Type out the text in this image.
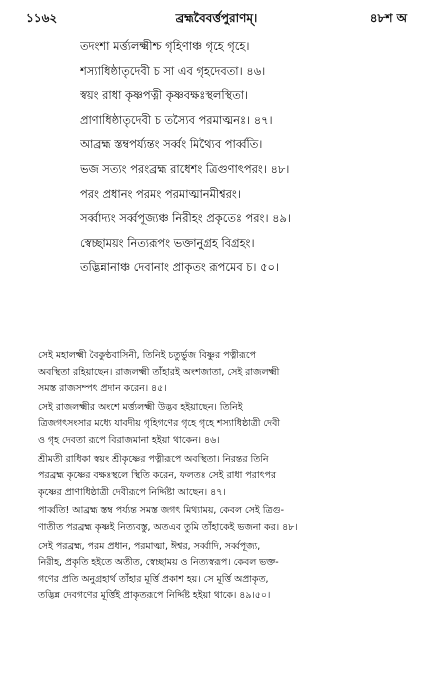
১১৬২	ব্রহ্মবৈবর্ত্তপুরাণম্।	৪৮শ অ
তদংশা মর্ত্ত্যলক্ষ্মীশ্চ গৃহিণাঞ্চ গৃহে গৃহে।
শস্যাধিষ্ঠাতৃদেবী চ সা এব গৃহদেবতা। ৪৬।
স্বয়ং রাধা কৃষ্ণপত্নী কৃষ্ণবক্ষঃস্থলস্থিতা।
প্রাণাধিষ্ঠাতৃদেবী চ তস্যৈব পরমাত্মনঃ। ৪৭।
আব্রহ্ম স্তম্বপর্য্যন্তং সর্ব্বং মিথ্যৈব পার্ব্বতি।
ভজ সত্যং পরংব্রহ্ম রাধেশং ত্রিগুণাৎপরং। ৪৮।
পরং প্রধানং পরমং পরমাত্মানমীশ্বরং।
সর্ব্বাদ্যং সর্ব্বপূজ্যঞ্চ নিরীহং প্রকৃতেঃ পরং। ৪৯।
স্বেচ্ছাময়ং নিত্যরূপং ভক্তানুগ্রহ বিগ্রহং।
তদ্ভিন্নানাঞ্চ দেবানাং প্রাকৃতং রূপমেব চ। ৫০।

সেই মহালক্ষ্মী বৈকুণ্ঠবাসিনী, তিনিই চতুর্ভুজ বিষ্ণুর পত্নীরূপে
অবস্থিতা রহিয়াছেন। রাজলক্ষ্মী তাঁহারই অংশজাতা, সেই রাজলক্ষ্মী
সমস্ত রাজসম্পৎ প্রদান করেন। ৪৫।

সেই রাজলক্ষ্মীর অংশে মর্ত্ত্যলক্ষ্মী উদ্ভব হইয়াছেন। তিনিই
ত্রিজগৎসংসার মধ্যে যাবদীয় গৃহিগণের গৃহে গৃহে শস্যাধিষ্ঠাত্রী দেবী
ও গৃহ দেবতা রূপে বিরাজমানা হইয়া থাকেন। ৪৬।

শ্রীমতী রাধিকা স্বয়ং শ্রীকৃষ্ণের পত্নীরূপে অবস্থিতা। নিরন্তর তিনি
পরব্রহ্ম কৃষ্ণের বক্ষঃস্থলে স্থিতি করেন, ফলতঃ সেই রাধা পরাৎপর
কৃষ্ণের প্রাণাধিষ্ঠাত্রী দেবীরূপে নির্দ্দিষ্টা আছেন। ৪৭।

পার্ব্বতি! আব্রহ্ম স্তম্ব পর্য্যন্ত সমস্ত জগৎ মিথ্যাময়, কেবল সেই ত্রিগু-
ণাতীত পরব্রহ্ম কৃষ্ণই নিত্যবস্তু, অতএব তুমি তাঁহাকেই ভজনা কর। ৪৮।

সেই পরব্রহ্ম, পরম প্রধান, পরমাত্মা, ঈশ্বর, সর্ব্বাদি, সর্ব্বপূজ্য,
নিরীহ, প্রকৃতি হইতে অতীত, স্বেচ্ছাময় ও নিত্যস্বরূপ। কেবল ভক্ত-
গণের প্রতি অনুগ্রহার্থ তাঁহার মূর্ত্তি প্রকাশ হয়। সে মূর্ত্তি অপ্রাকৃত,
তদ্ভিন্ন দেবগণের মূর্ত্তিই প্রাকৃতরূপে নির্দ্দিষ্ট হইয়া থাকে। ৪৯।৫০।
